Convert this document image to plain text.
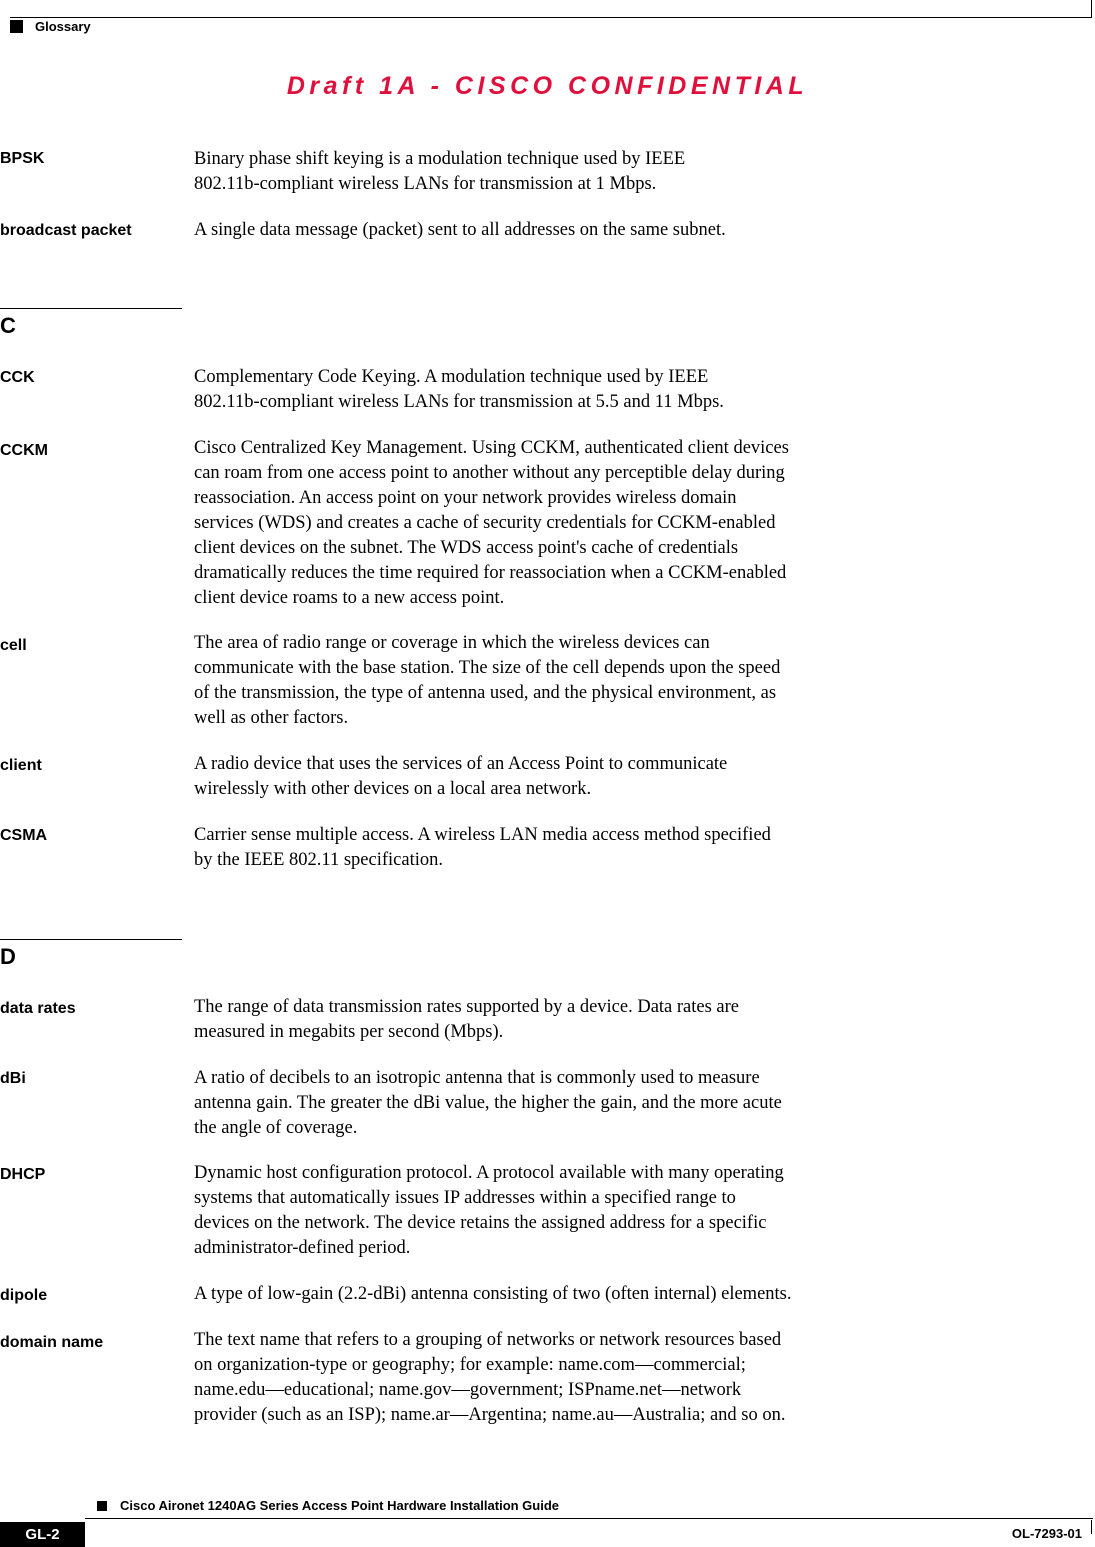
Glossary
Draft 1A - CISCO CONFIDENTIAL
BPSK	Binary phase shift keying is a modulation technique used by IEEE
802.11b-compliant wireless LANs for transmission at 1 Mbps.
broadcast packet	A single data message (packet) sent to all addresses on the same subnet.
C
CCK	Complementary Code Keying. A modulation technique used by IEEE
802.11b-compliant wireless LANs for transmission at 5.5 and 11 Mbps.
CCKM	Cisco Centralized Key Management. Using CCKM, authenticated client devices
can roam from one access point to another without any perceptible delay during
reassociation. An access point on your network provides wireless domain
services (WDS) and creates a cache of security credentials for CCKM-enabled
client devices on the subnet. The WDS access point's cache of credentials
dramatically reduces the time required for reassociation when a CCKM-enabled
client device roams to a new access point.
cell	The area of radio range or coverage in which the wireless devices can
communicate with the base station. The size of the cell depends upon the speed
of the transmission, the type of antenna used, and the physical environment, as
well as other factors.
client	A radio device that uses the services of an Access Point to communicate
wirelessly with other devices on a local area network.
CSMA	Carrier sense multiple access. A wireless LAN media access method specified
by the IEEE 802.11 specification.
D
data rates	The range of data transmission rates supported by a device. Data rates are
measured in megabits per second (Mbps).
dBi	A ratio of decibels to an isotropic antenna that is commonly used to measure
antenna gain. The greater the dBi value, the higher the gain, and the more acute
the angle of coverage.
DHCP	Dynamic host configuration protocol. A protocol available with many operating
systems that automatically issues IP addresses within a specified range to
devices on the network. The device retains the assigned address for a specific
administrator-defined period.
dipole	A type of low-gain (2.2-dBi) antenna consisting of two (often internal) elements.
domain name	The text name that refers to a grouping of networks or network resources based
on organization-type or geography; for example: name.com—commercial;
name.edu—educational; name.gov—government; ISPname.net—network
provider (such as an ISP); name.ar—Argentina; name.au—Australia; and so on.
Cisco Aironet 1240AG Series Access Point Hardware Installation Guide
GL-2	OL-7293-01
